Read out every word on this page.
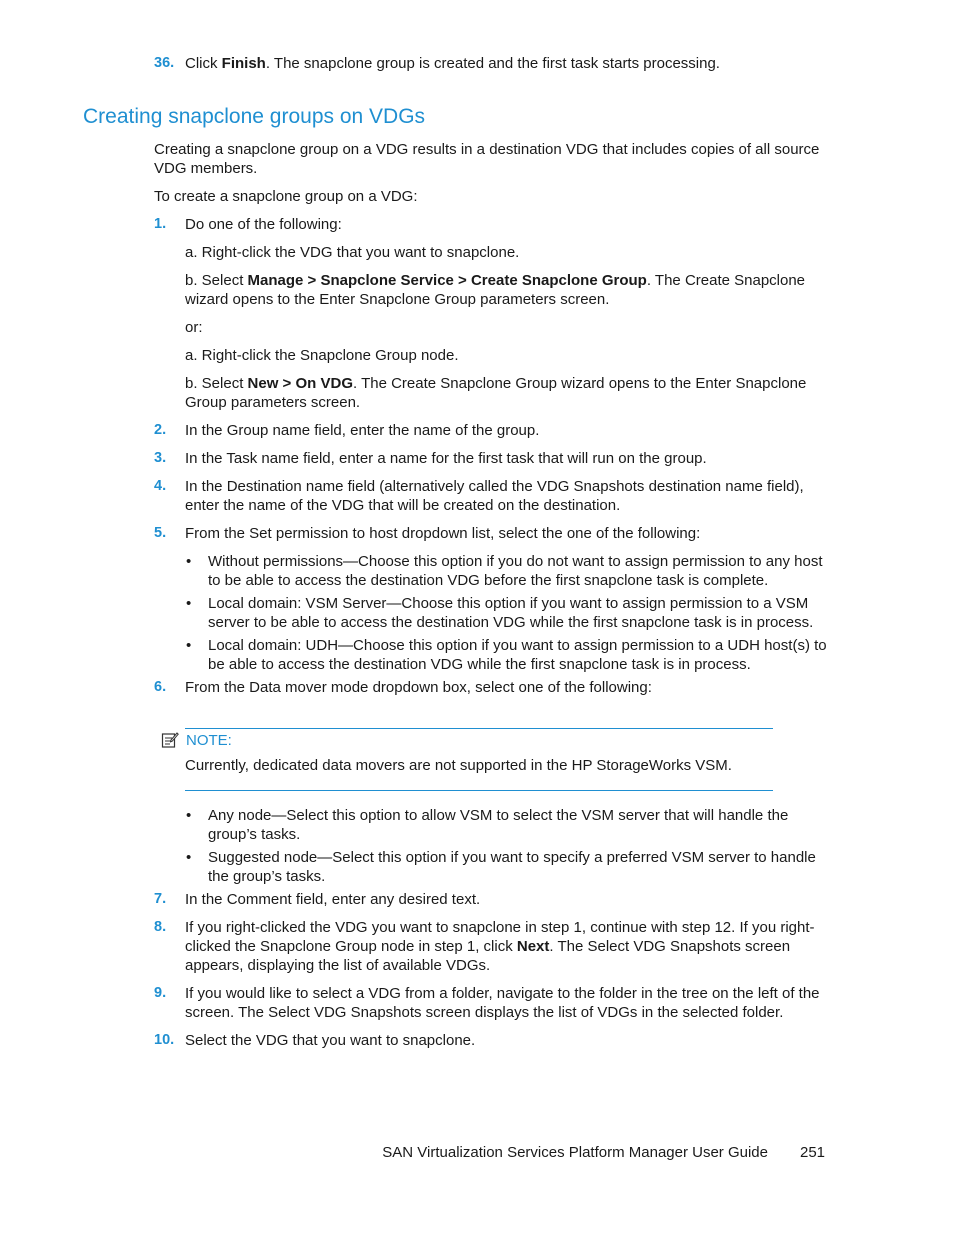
36. Click Finish. The snapclone group is created and the first task starts processing.
Creating snapclone groups on VDGs

Creating a snapclone group on a VDG results in a destination VDG that includes copies of all source VDG members.

To create a snapclone group on a VDG:

1. Do one of the following:
a. Right-click the VDG that you want to snapclone.
b. Select Manage > Snapclone Service > Create Snapclone Group. The Create Snapclone wizard opens to the Enter Snapclone Group parameters screen.
or:
a. Right-click the Snapclone Group node.
b. Select New > On VDG. The Create Snapclone Group wizard opens to the Enter Snapclone Group parameters screen.
2. In the Group name field, enter the name of the group.
3. In the Task name field, enter a name for the first task that will run on the group.
4. In the Destination name field (alternatively called the VDG Snapshots destination name field), enter the name of the VDG that will be created on the destination.
5. From the Set permission to host dropdown list, select the one of the following:
• Without permissions—Choose this option if you do not want to assign permission to any host to be able to access the destination VDG before the first snapclone task is complete.
• Local domain: VSM Server—Choose this option if you want to assign permission to a VSM server to be able to access the destination VDG while the first snapclone task is in process.
• Local domain: UDH—Choose this option if you want to assign permission to a UDH host(s) to be able to access the destination VDG while the first snapclone task is in process.
6. From the Data mover mode dropdown box, select one of the following:
NOTE:
Currently, dedicated data movers are not supported in the HP StorageWorks VSM.
• Any node—Select this option to allow VSM to select the VSM server that will handle the group’s tasks.
• Suggested node—Select this option if you want to specify a preferred VSM server to handle the group’s tasks.
7. In the Comment field, enter any desired text.
8. If you right-clicked the VDG you want to snapclone in step 1, continue with step 12. If you right-clicked the Snapclone Group node in step 1, click Next. The Select VDG Snapshots screen appears, displaying the list of available VDGs.
9. If you would like to select a VDG from a folder, navigate to the folder in the tree on the left of the screen. The Select VDG Snapshots screen displays the list of VDGs in the selected folder.
10. Select the VDG that you want to snapclone.
SAN Virtualization Services Platform Manager User Guide 251
